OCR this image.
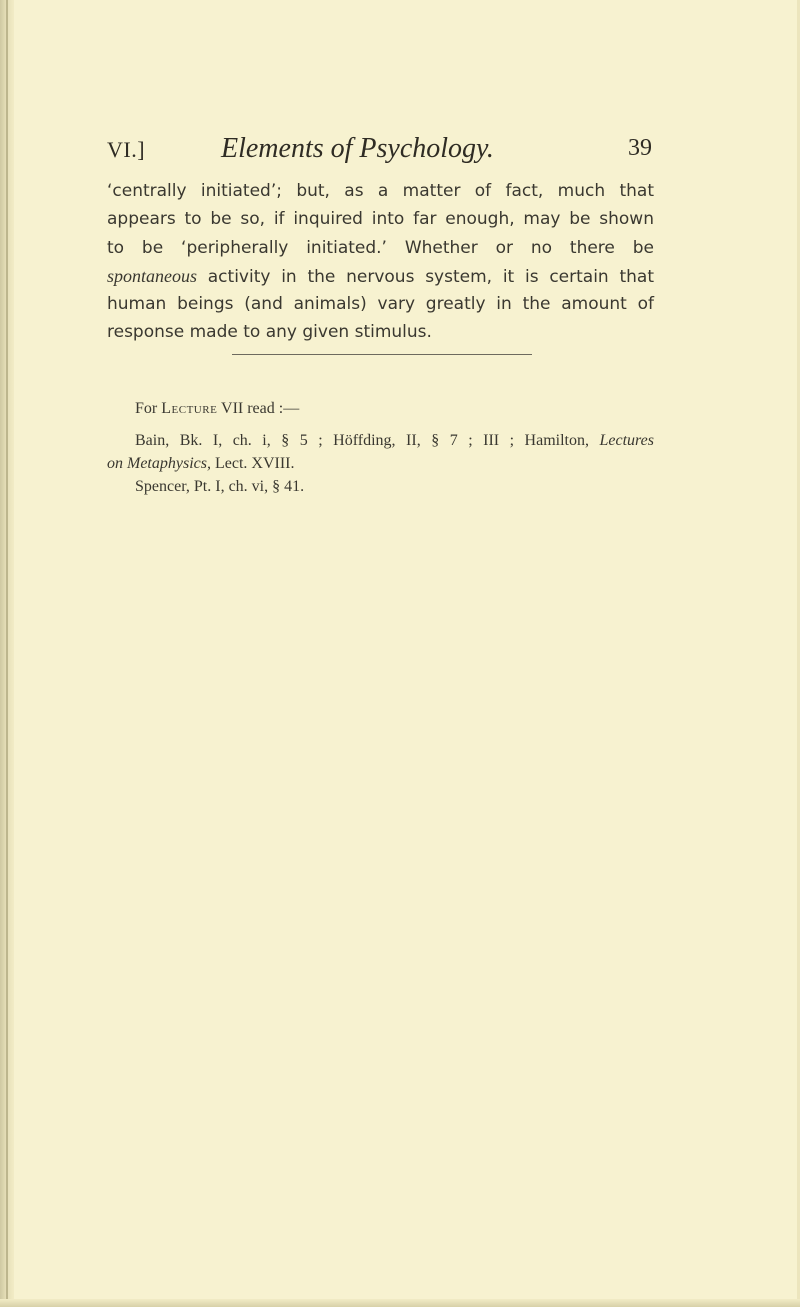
VI.]	Elements of Psychology.	39
‘centrally initiated’; but, as a matter of fact, much that
appears to be so, if inquired into far enough, may be shown
to be ‘peripherally initiated.’ Whether or no there be
spontaneous activity in the nervous system, it is certain that
human beings (and animals) vary greatly in the amount of
response made to any given stimulus.
For Lecture VII read :—
Bain, Bk. I, ch. i, § 5 ; Höffding, II, § 7 ; III ; Hamilton, Lectures
on Metaphysics, Lect. XVIII.
Spencer, Pt. I, ch. vi, § 41.
